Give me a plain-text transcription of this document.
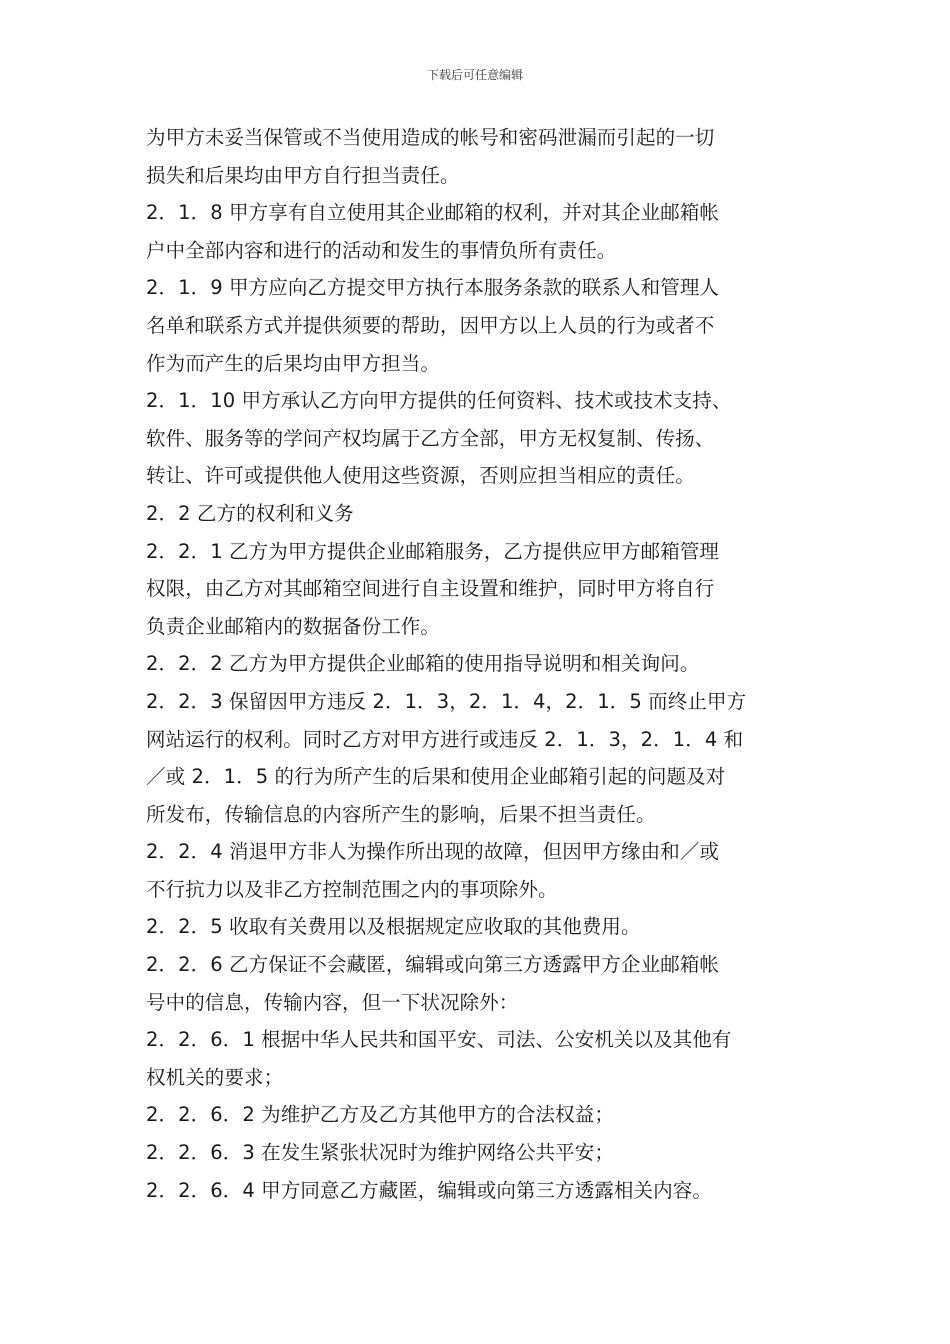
下载后可任意编辑

为甲方未妥当保管或不当使用造成的帐号和密码泄漏而引起的一切

损失和后果均由甲方自行担当责任。

2．1．8 甲方享有自立使用其企业邮箱的权利，并对其企业邮箱帐

户中全部内容和进行的活动和发生的事情负所有责任。

2．1．9 甲方应向乙方提交甲方执行本服务条款的联系人和管理人

名单和联系方式并提供须要的帮助，因甲方以上人员的行为或者不

作为而产生的后果均由甲方担当。

2．1．10 甲方承认乙方向甲方提供的任何资料、技术或技术支持、

软件、服务等的学问产权均属于乙方全部，甲方无权复制、传扬、

转让、许可或提供他人使用这些资源，否则应担当相应的责任。

2．2 乙方的权利和义务

2．2．1 乙方为甲方提供企业邮箱服务，乙方提供应甲方邮箱管理

权限，由乙方对其邮箱空间进行自主设置和维护，同时甲方将自行

负责企业邮箱内的数据备份工作。

2．2．2 乙方为甲方提供企业邮箱的使用指导说明和相关询问。

2．2．3 保留因甲方违反 2．1．3，2．1．4，2．1．5 而终止甲方

网站运行的权利。同时乙方对甲方进行或违反 2．1．3，2．1．4 和

／或 2．1．5 的行为所产生的后果和使用企业邮箱引起的问题及对

所发布，传输信息的内容所产生的影响，后果不担当责任。

2．2．4 消退甲方非人为操作所出现的故障，但因甲方缘由和／或

不行抗力以及非乙方控制范围之内的事项除外。

2．2．5 收取有关费用以及根据规定应收取的其他费用。

2．2．6 乙方保证不会藏匿，编辑或向第三方透露甲方企业邮箱帐

号中的信息，传输内容，但一下状况除外：

2．2．6．1 根据中华人民共和国平安、司法、公安机关以及其他有

权机关的要求；

2．2．6．2 为维护乙方及乙方其他甲方的合法权益；

2．2．6．3 在发生紧张状况时为维护网络公共平安；

2．2．6．4 甲方同意乙方藏匿，编辑或向第三方透露相关内容。
